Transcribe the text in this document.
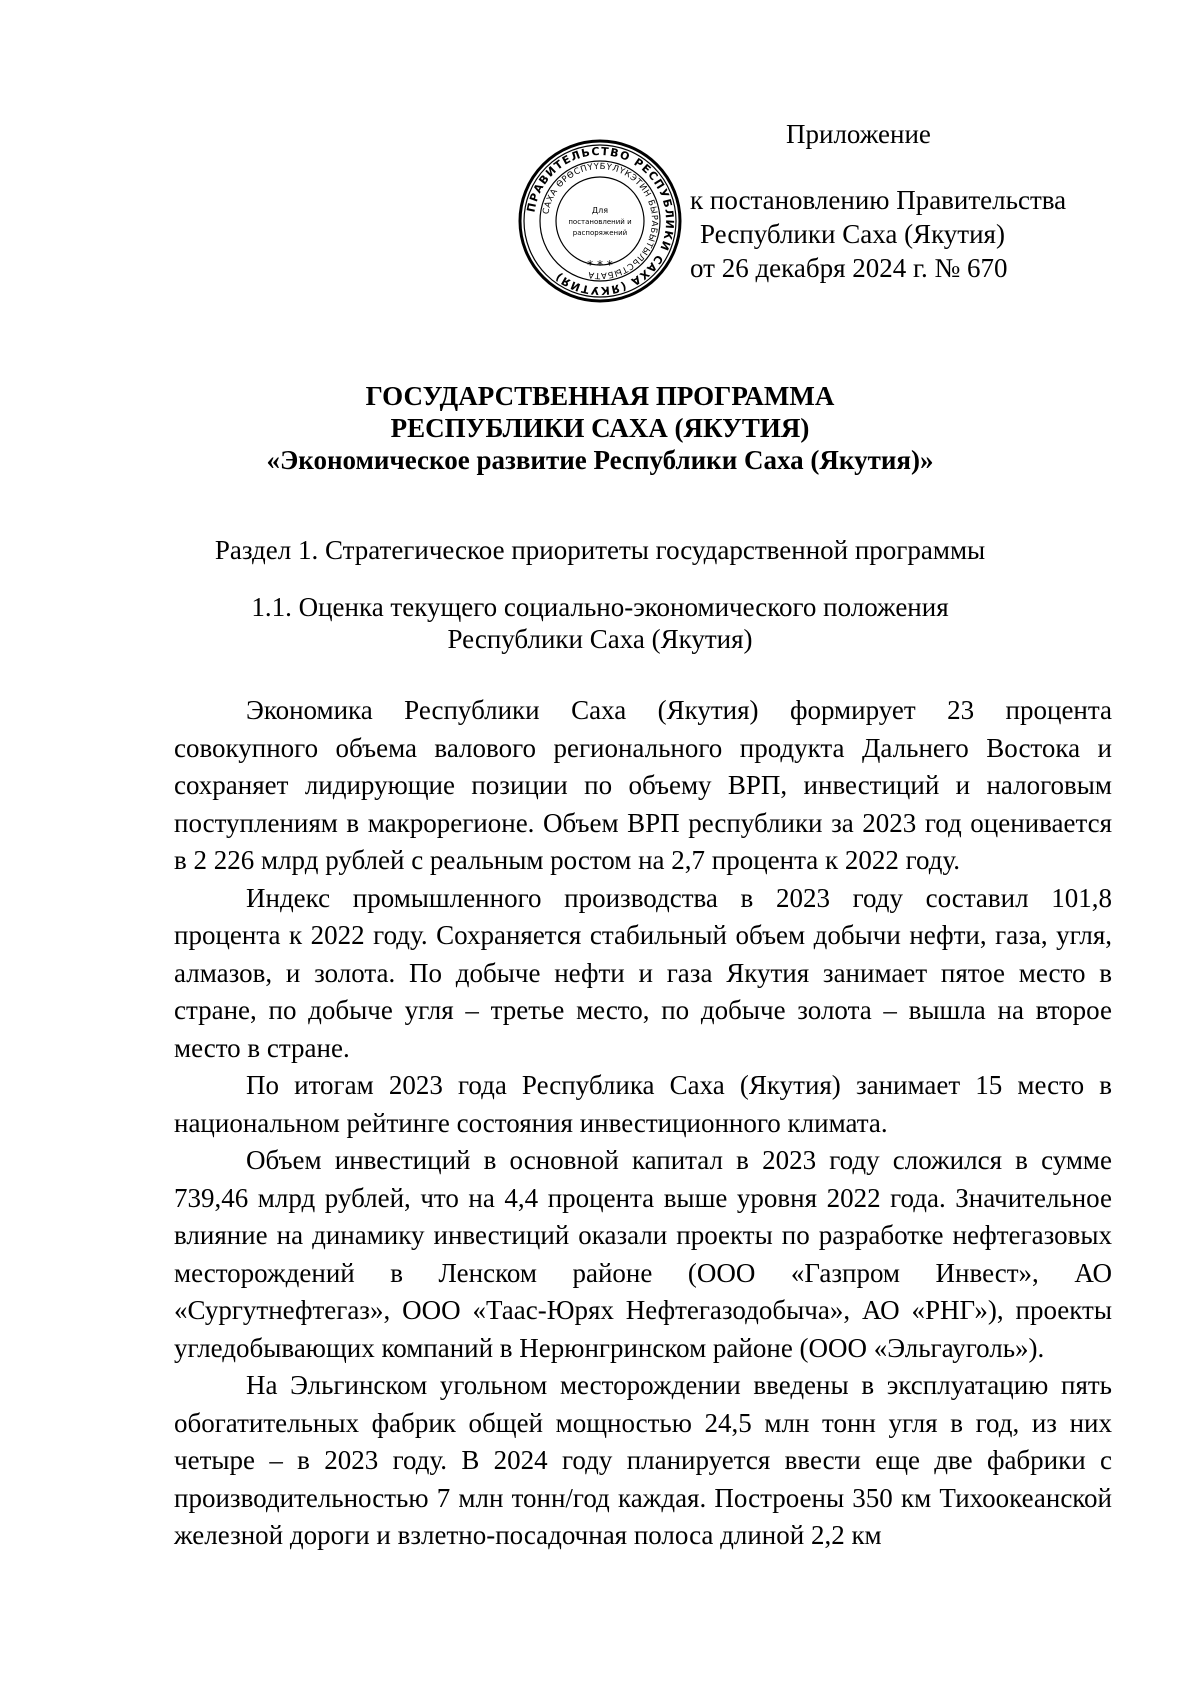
ПРАВИТЕЛЬСТВО РЕСПУБЛИКИ САХА (ЯКУТИЯ)
САХА ӨРӨСПҮҮБҮЛҮКЭТИН БЫРАБЫТЫЛЬСТЫБАТА
Для
постановлений и
распоряжений
* * *
Приложение
к постановлению Правительства
Республики Саха (Якутия)
от 26 декабря 2024 г. № 670
ГОСУДАРСТВЕННАЯ ПРОГРАММА
РЕСПУБЛИКИ САХА (ЯКУТИЯ)
«Экономическое развитие Республики Саха (Якутия)»
Раздел 1. Стратегическое приоритеты государственной программы
1.1. Оценка текущего социально-экономического положения
Республики Саха (Якутия)

Экономика Республики Саха (Якутия) формирует 23 процента совокупного объема валового регионального продукта Дальнего Востока и сохраняет лидирующие позиции по объему ВРП, инвестиций и налоговым поступлениям в макрорегионе. Объем ВРП республики за 2023 год оценивается в 2 226 млрд рублей с реальным ростом на 2,7 процента к 2022 году.

Индекс промышленного производства в 2023 году составил 101,8 процента к 2022 году. Сохраняется стабильный объем добычи нефти, газа, угля, алмазов, и золота. По добыче нефти и газа Якутия занимает пятое место в стране, по добыче угля – третье место, по добыче золота – вышла на второе место в стране.

По итогам 2023 года Республика Саха (Якутия) занимает 15 место в национальном рейтинге состояния инвестиционного климата.

Объем инвестиций в основной капитал в 2023 году сложился в сумме 739,46 млрд рублей, что на 4,4 процента выше уровня 2022 года. Значительное влияние на динамику инвестиций оказали проекты по разработке нефтегазовых месторождений в Ленском районе (ООО «Газпром Инвест», АО «Сургутнефтегаз», ООО «Таас-Юрях Нефтегазодобыча», АО «РНГ»), проекты угледобывающих компаний в Нерюнгринском районе (ООО «Эльгауголь»).

На Эльгинском угольном месторождении введены в эксплуатацию пять обогатительных фабрик общей мощностью 24,5 млн тонн угля в год, из них четыре – в 2023 году. В 2024 году планируется ввести еще две фабрики с производительностью 7 млн тонн/год каждая. Построены 350 км Тихоокеанской железной дороги и взлетно-посадочная полоса длиной 2,2 км
